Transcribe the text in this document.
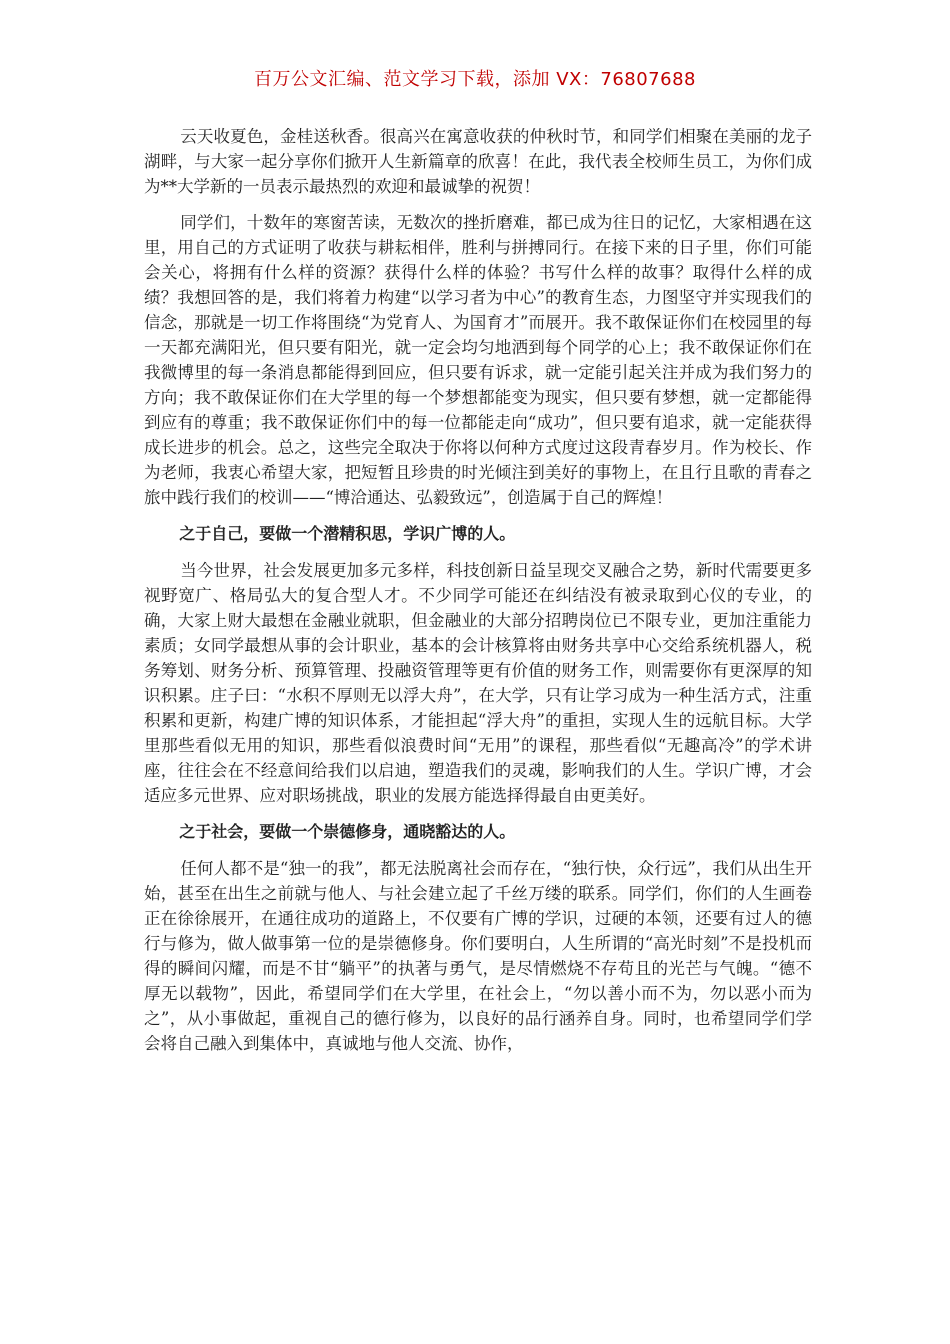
百万公文汇编、范文学习下载，添加 VX：76807688

云天收夏色，金桂送秋香。很高兴在寓意收获的仲秋时节，和同学们相聚在美丽的龙子湖畔，与大家一起分享你们掀开人生新篇章的欣喜！在此，我代表全校师生员工，为你们成为**大学新的一员表示最热烈的欢迎和最诚挚的祝贺！

同学们，十数年的寒窗苦读，无数次的挫折磨难，都已成为往日的记忆，大家相遇在这里，用自己的方式证明了收获与耕耘相伴，胜利与拼搏同行。在接下来的日子里，你们可能会关心，将拥有什么样的资源？获得什么样的体验？书写什么样的故事？取得什么样的成绩？我想回答的是，我们将着力构建“以学习者为中心”的教育生态，力图坚守并实现我们的信念，那就是一切工作将围绕“为党育人、为国育才”而展开。我不敢保证你们在校园里的每一天都充满阳光，但只要有阳光，就一定会均匀地洒到每个同学的心上；我不敢保证你们在我微博里的每一条消息都能得到回应，但只要有诉求，就一定能引起关注并成为我们努力的方向；我不敢保证你们在大学里的每一个梦想都能变为现实，但只要有梦想，就一定都能得到应有的尊重；我不敢保证你们中的每一位都能走向“成功”，但只要有追求，就一定能获得成长进步的机会。总之，这些完全取决于你将以何种方式度过这段青春岁月。作为校长、作为老师，我衷心希望大家，把短暂且珍贵的时光倾注到美好的事物上，在且行且歌的青春之旅中践行我们的校训——“博洽通达、弘毅致远”，创造属于自己的辉煌！

之于自己，要做一个潜精积思，学识广博的人。

当今世界，社会发展更加多元多样，科技创新日益呈现交叉融合之势，新时代需要更多视野宽广、格局弘大的复合型人才。不少同学可能还在纠结没有被录取到心仪的专业，的确，大家上财大最想在金融业就职，但金融业的大部分招聘岗位已不限专业，更加注重能力素质；女同学最想从事的会计职业，基本的会计核算将由财务共享中心交给系统机器人，税务筹划、财务分析、预算管理、投融资管理等更有价值的财务工作，则需要你有更深厚的知识积累。庄子曰：“水积不厚则无以浮大舟”，在大学，只有让学习成为一种生活方式，注重积累和更新，构建广博的知识体系，才能担起“浮大舟”的重担，实现人生的远航目标。大学里那些看似无用的知识，那些看似浪费时间“无用”的课程，那些看似“无趣高冷”的学术讲座，往往会在不经意间给我们以启迪，塑造我们的灵魂，影响我们的人生。学识广博，才会适应多元世界、应对职场挑战，职业的发展方能选择得最自由更美好。

之于社会，要做一个崇德修身，通晓豁达的人。

任何人都不是“独一的我”，都无法脱离社会而存在，“独行快，众行远”，我们从出生开始，甚至在出生之前就与他人、与社会建立起了千丝万缕的联系。同学们，你们的人生画卷正在徐徐展开，在通往成功的道路上，不仅要有广博的学识，过硬的本领，还要有过人的德行与修为，做人做事第一位的是崇德修身。你们要明白，人生所谓的“高光时刻”不是投机而得的瞬间闪耀，而是不甘“躺平”的执著与勇气，是尽情燃烧不存苟且的光芒与气魄。“德不厚无以载物”，因此，希望同学们在大学里，在社会上，“勿以善小而不为，勿以恶小而为之”，从小事做起，重视自己的德行修为，以良好的品行涵养自身。同时，也希望同学们学会将自己融入到集体中，真诚地与他人交流、协作，
